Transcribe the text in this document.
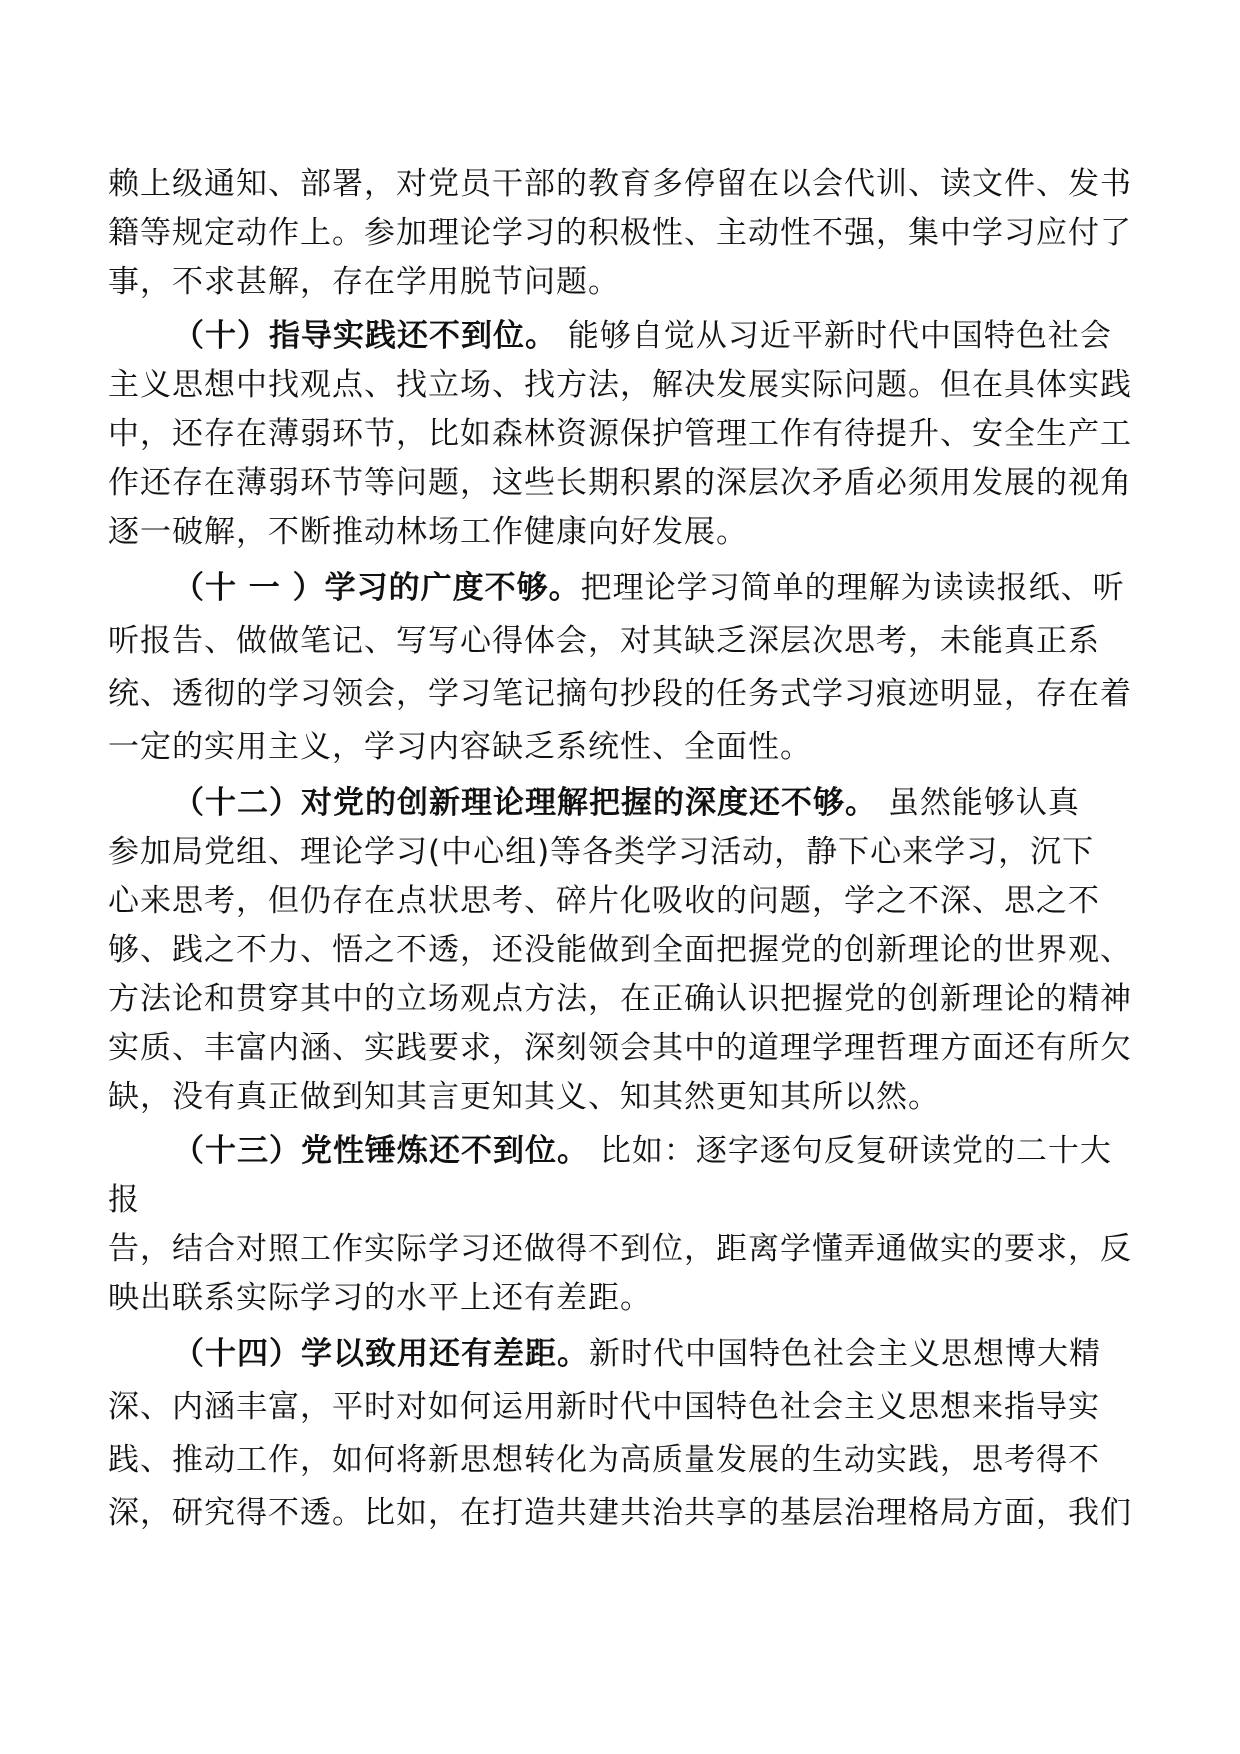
赖上级通知、部署，对党员干部的教育多停留在以会代训、读文件、发书
籍等规定动作上。参加理论学习的积极性、主动性不强，集中学习应付了
事，不求甚解，存在学用脱节问题。

（十）指导实践还不到位。 能够自觉从习近平新时代中国特色社会
主义思想中找观点、找立场、找方法，解决发展实际问题。但在具体实践
中，还存在薄弱环节，比如森林资源保护管理工作有待提升、安全生产工
作还存在薄弱环节等问题，这些长期积累的深层次矛盾必须用发展的视角
逐一破解，不断推动林场工作健康向好发展。

（十 一 ）学习的广度不够。把理论学习简单的理解为读读报纸、听
听报告、做做笔记、写写心得体会，对其缺乏深层次思考，未能真正系
统、透彻的学习领会，学习笔记摘句抄段的任务式学习痕迹明显，存在着
一定的实用主义，学习内容缺乏系统性、全面性。

（十二）对党的创新理论理解把握的深度还不够。 虽然能够认真
参加局党组、理论学习(中心组)等各类学习活动，静下心来学习，沉下
心来思考，但仍存在点状思考、碎片化吸收的问题，学之不深、思之不
够、践之不力、悟之不透，还没能做到全面把握党的创新理论的世界观、
方法论和贯穿其中的立场观点方法，在正确认识把握党的创新理论的精神
实质、丰富内涵、实践要求，深刻领会其中的道理学理哲理方面还有所欠
缺，没有真正做到知其言更知其义、知其然更知其所以然。

（十三）党性锤炼还不到位。 比如：逐字逐句反复研读党的二十大报
告，结合对照工作实际学习还做得不到位，距离学懂弄通做实的要求，反
映出联系实际学习的水平上还有差距。

（十四）学以致用还有差距。新时代中国特色社会主义思想博大精
深、内涵丰富，平时对如何运用新时代中国特色社会主义思想来指导实
践、推动工作，如何将新思想转化为高质量发展的生动实践，思考得不
深，研究得不透。比如，在打造共建共治共享的基层治理格局方面，我们
